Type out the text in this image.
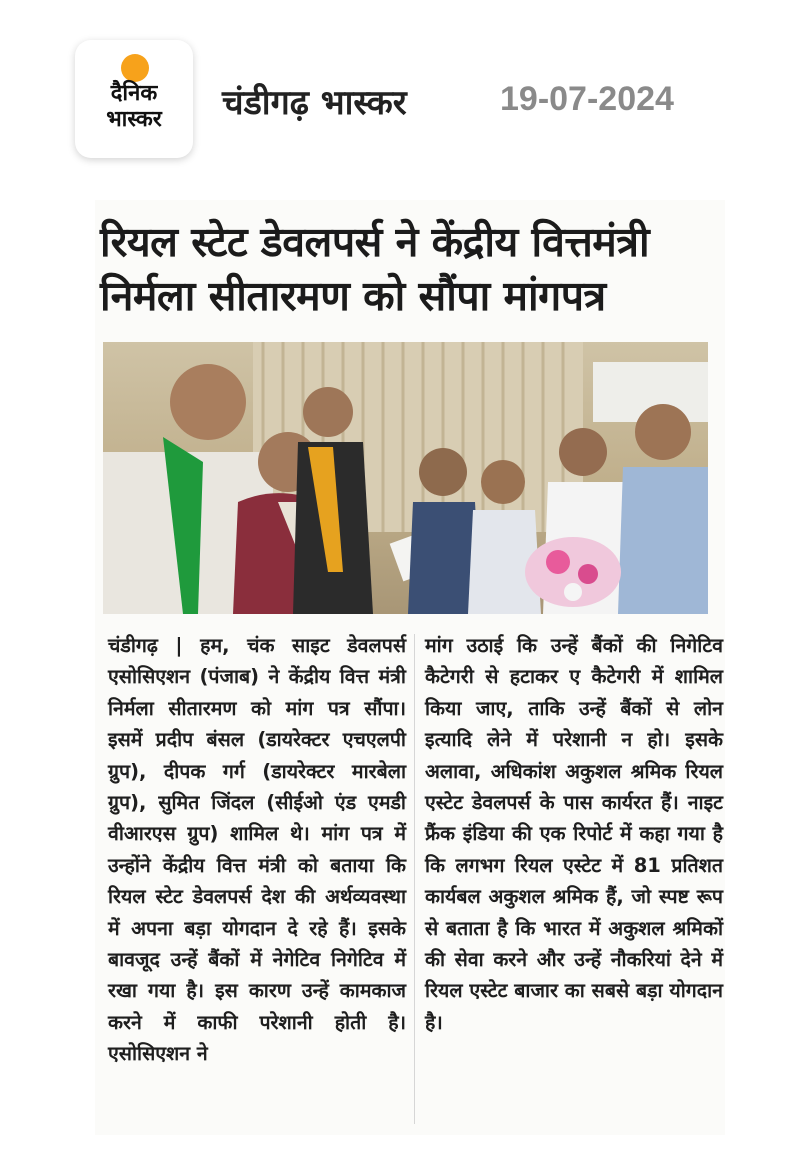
दैनिक
भास्कर	चंडीगढ़ भास्कर	19-07-2024
रियल स्टेट डेवलपर्स ने केंद्रीय वित्तमंत्री निर्मला सीतारमण को सौंपा मांगपत्र
चंडीगढ़ | हम, चंक साइट डेवलपर्स एसोसिएशन (पंजाब) ने केंद्रीय वित्त मंत्री निर्मला सीतारमण को मांग पत्र सौंपा। इसमें प्रदीप बंसल (डायरेक्टर एचएलपी ग्रुप), दीपक गर्ग (डायरेक्टर मारबेला ग्रुप), सुमित जिंदल (सीईओ एंड एमडी वीआरएस ग्रुप) शामिल थे। मांग पत्र में उन्होंने केंद्रीय वित्त मंत्री को बताया कि रियल स्टेट डेवलपर्स देश की अर्थव्यवस्था में अपना बड़ा योगदान दे रहे हैं। इसके बावजूद उन्हें बैंकों में नेगेटिव निगेटिव में रखा गया है। इस कारण उन्हें कामकाज करने में काफी परेशानी होती है। एसोसिएशन ने
मांग उठाई कि उन्हें बैंकों की निगेटिव कैटेगरी से हटाकर ए कैटेगरी में शामिल किया जाए, ताकि उन्हें बैंकों से लोन इत्यादि लेने में परेशानी न हो। इसके अलावा, अधिकांश अकुशल श्रमिक रियल एस्टेट डेवलपर्स के पास कार्यरत हैं। नाइट फ्रैंक इंडिया की एक रिपोर्ट में कहा गया है कि लगभग रियल एस्टेट में 81 प्रतिशत कार्यबल अकुशल श्रमिक हैं, जो स्पष्ट रूप से बताता है कि भारत में अकुशल श्रमिकों की सेवा करने और उन्हें नौकरियां देने में रियल एस्टेट बाजार का सबसे बड़ा योगदान है।
